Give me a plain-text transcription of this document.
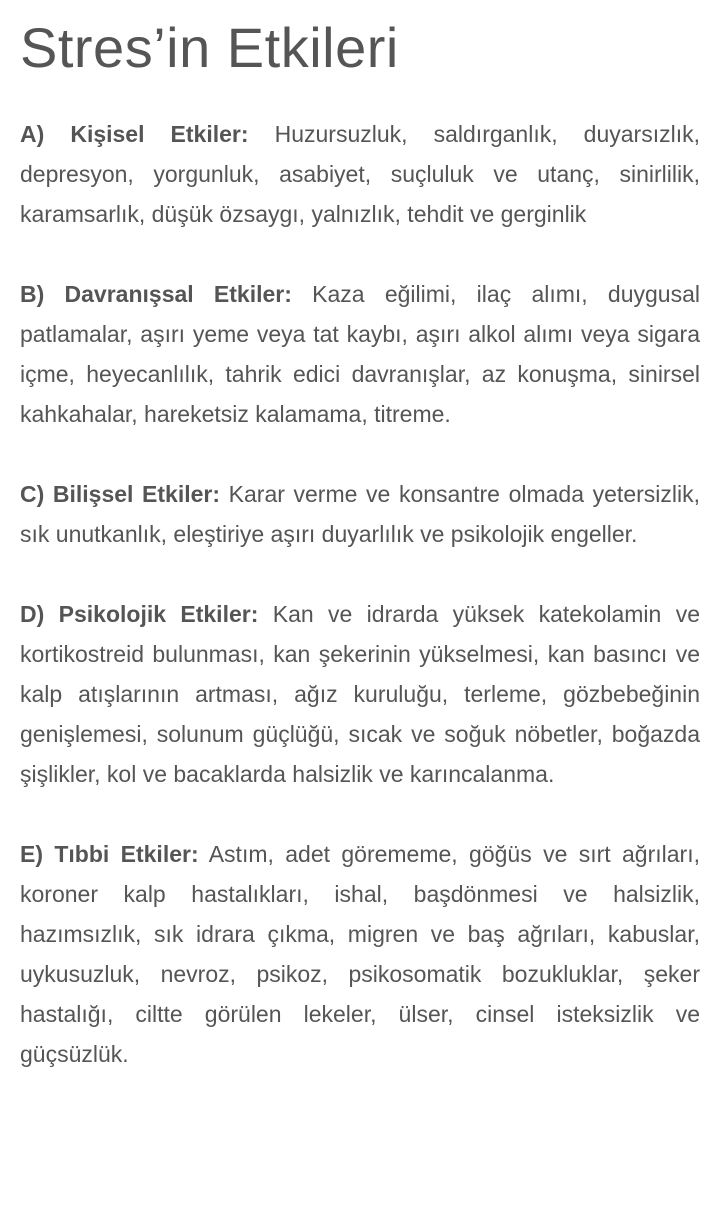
Stres’in Etkileri

A) Kişisel Etkiler: Huzursuzluk, saldırganlık, duyarsızlık, depresyon, yorgunluk, asabiyet, suçluluk ve utanç, sinirlilik, karamsarlık, düşük özsaygı, yalnızlık, tehdit ve gerginlik

B) Davranışsal Etkiler: Kaza eğilimi, ilaç alımı, duygusal patlamalar, aşırı yeme veya tat kaybı, aşırı alkol alımı veya sigara içme, heyecanlılık, tahrik edici davranışlar, az konuşma, sinirsel kahkahalar, hareketsiz kalamama, titreme.

C) Bilişsel Etkiler: Karar verme ve konsantre olmada yetersizlik, sık unutkanlık, eleştiriye aşırı duyarlılık ve psikolojik engeller.

D) Psikolojik Etkiler: Kan ve idrarda yüksek katekolamin ve kortikostreid bulunması, kan şekerinin yükselmesi, kan basıncı ve kalp atışlarının artması, ağız kuruluğu, terleme, gözbebeğinin genişlemesi, solunum güçlüğü, sıcak ve soğuk nöbetler, boğazda şişlikler, kol ve bacaklarda halsizlik ve karıncalanma.

E) Tıbbi Etkiler: Astım, adet görememe, göğüs ve sırt ağrıları, koroner kalp hastalıkları, ishal, başdönmesi ve halsizlik, hazımsızlık, sık idrara çıkma, migren ve baş ağrıları, kabuslar, uykusuzluk, nevroz, psikoz, psikosomatik bozukluklar, şeker hastalığı, ciltte görülen lekeler, ülser, cinsel isteksizlik ve güçsüzlük.
